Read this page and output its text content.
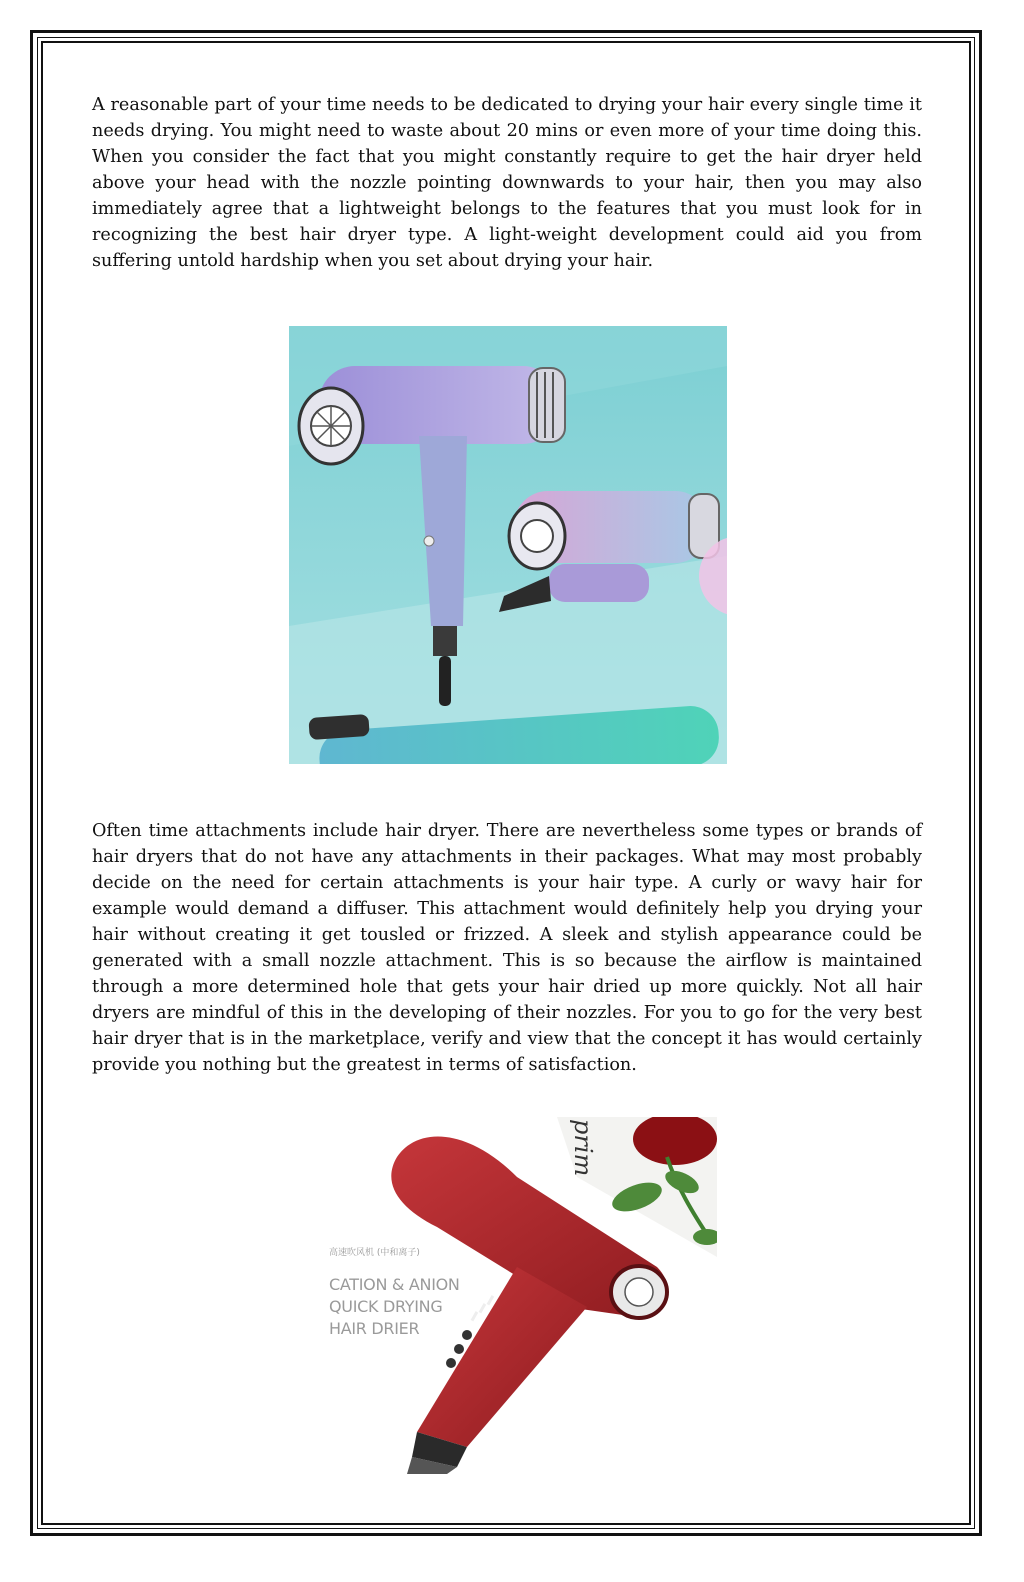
A reasonable part of your time needs to be dedicated to drying your hair every single time it needs drying. You might need to waste about 20 mins or even more of your time doing this. When you consider the fact that you might constantly require to get the hair dryer held above your head with the nozzle pointing downwards to your hair, then you may also immediately agree that a lightweight belongs to the features that you must look for in recognizing the best hair dryer type. A light-weight development could aid you from suffering untold hardship when you set about drying your hair.

Often time attachments include hair dryer. There are nevertheless some types or brands of hair dryers that do not have any attachments in their packages. What may most probably decide on the need for certain attachments is your hair type. A curly or wavy hair for example would demand a diffuser. This attachment would definitely help you drying your hair without creating it get tousled or frizzed. A sleek and stylish appearance could be generated with a small nozzle attachment. This is so because the airflow is maintained through a more determined hole that gets your hair dried up more quickly. Not all hair dryers are mindful of this in the developing of their nozzles. For you to go for the very best hair dryer that is in the marketplace, verify and view that the concept it has would certainly provide you nothing but the greatest in terms of satisfaction.

高速吹风机 (中和离子)
CATION & ANION
QUICK DRYING
HAIR DRIER
prim
